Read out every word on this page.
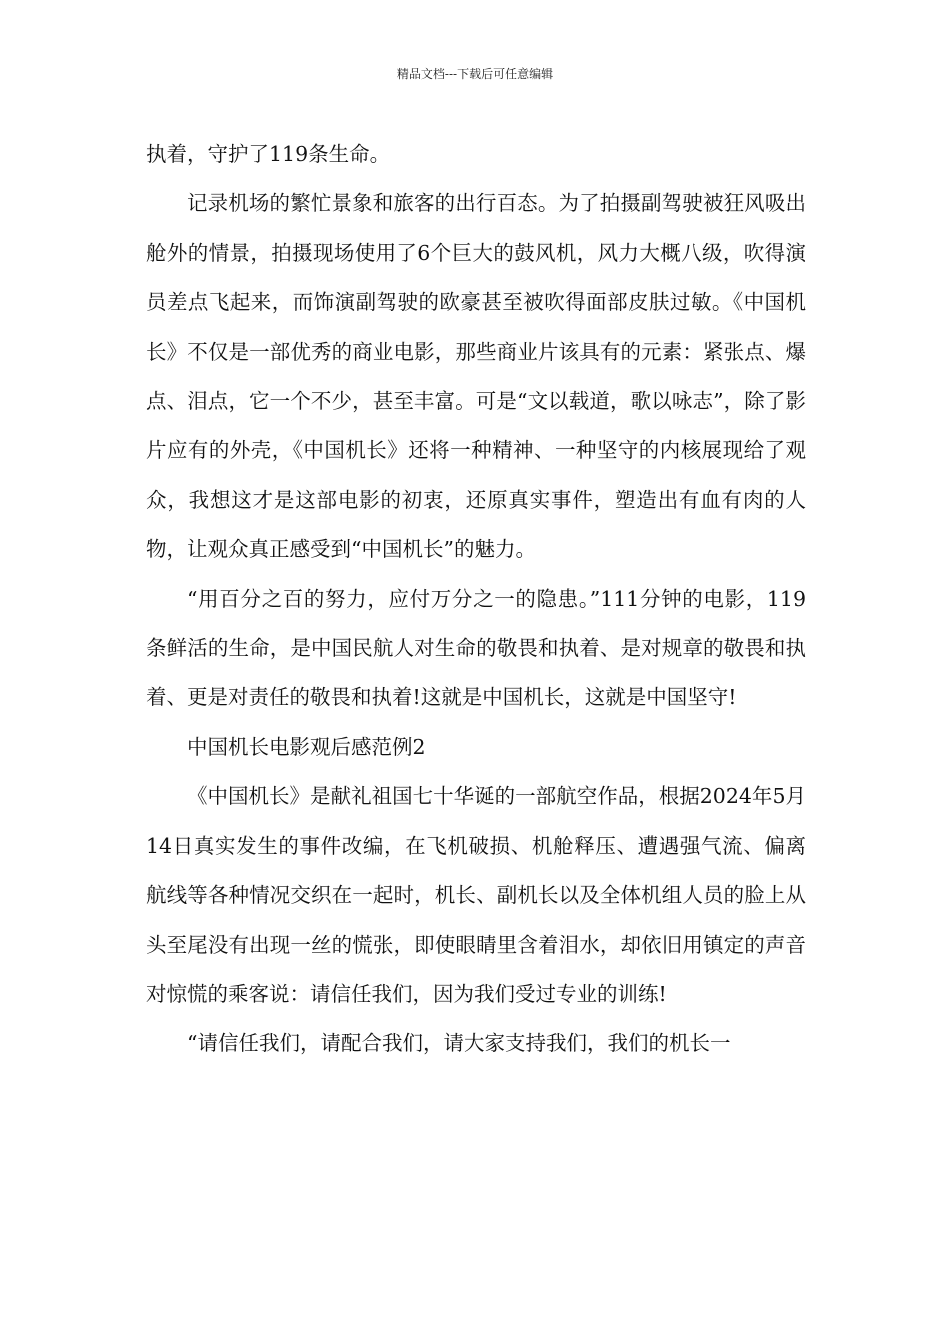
精品文档---下载后可任意编辑

执着，守护了119条生命。

记录机场的繁忙景象和旅客的出行百态。为了拍摄副驾驶被狂风吸出舱外的情景，拍摄现场使用了6个巨大的鼓风机，风力大概八级，吹得演员差点飞起来，而饰演副驾驶的欧豪甚至被吹得面部皮肤过敏。《中国机长》不仅是一部优秀的商业电影，那些商业片该具有的元素：紧张点、爆点、泪点，它一个不少，甚至丰富。可是“文以载道，歌以咏志”，除了影片应有的外壳，《中国机长》还将一种精神、一种坚守的内核展现给了观众，我想这才是这部电影的初衷，还原真实事件，塑造出有血有肉的人物，让观众真正感受到“中国机长”的魅力。

“用百分之百的努力，应付万分之一的隐患。”111分钟的电影，119条鲜活的生命，是中国民航人对生命的敬畏和执着、是对规章的敬畏和执着、更是对责任的敬畏和执着!这就是中国机长，这就是中国坚守!

中国机长电影观后感范例2

《中国机长》是献礼祖国七十华诞的一部航空作品，根据2024年5月14日真实发生的事件改编，在飞机破损、机舱释压、遭遇强气流、偏离航线等各种情况交织在一起时，机长、副机长以及全体机组人员的脸上从头至尾没有出现一丝的慌张，即使眼睛里含着泪水，却依旧用镇定的声音对惊慌的乘客说：请信任我们，因为我们受过专业的训练!

“请信任我们，请配合我们，请大家支持我们，我们的机长一
